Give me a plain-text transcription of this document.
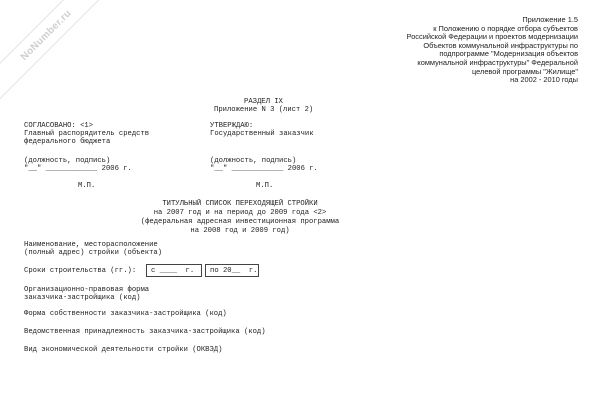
NoNumber.ru	Приложение 1.5
к Положению о порядке отбора субъектов
Российской Федерации и проектов модернизации
Объектов коммунальной инфраструктуры по
подпрограмме "Модернизация объектов
коммунальной инфраструктуры" Федеральной
целевой программы "Жилище"
на 2002 - 2010 годы
РАЗДЕЛ IX
Приложение N 3 (лист 2)
СОГЛАСОВАНО: <1>
Главный распорядитель средств
федерального бюджета
(должность, подпись)
"__" ____________ 2006 г.
М.П.
УТВЕРЖДАЮ:
Государственный заказчик
(должность, подпись)
"__" ____________ 2006 г.
М.П.
ТИТУЛЬНЫЙ СПИСОК ПЕРЕХОДЯЩЕЙ СТРОЙКИ
на 2007 год и на период до 2009 года <2>
(федеральная адресная инвестиционная программа
на 2008 год и 2009 год)
Наименование, месторасположение
(полный адрес) стройки (объекта)
Сроки строительства (гг.): с ____  г. по 20__  г.
Организационно-правовая форма
заказчика-застройщика (код)
Форма собственности заказчика-застройщика (код)
Ведомственная принадлежность заказчика-застройщика (код)
Вид экономической деятельности стройки (ОКВЭД)
